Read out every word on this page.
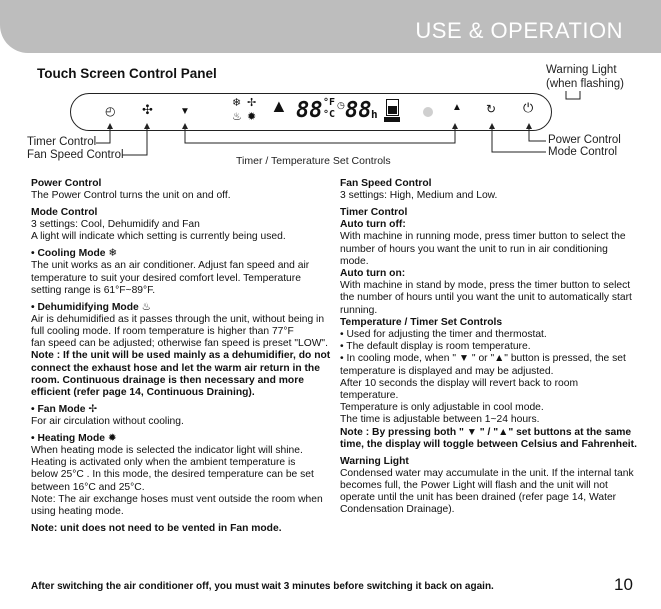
USE & OPERATION
Touch Screen Control Panel	Warning Light
(when flashing)
◴ ✣	▼
❄ ✢
♨ ✹
▲ 88 °F
°C
◷ 88 h
▲ ↻ ⏻
Timer Control
Fan Speed Control	Timer / Temperature Set Controls
Power Control
Mode Control

Power Control
The Power Control turns the unit on and off.

Mode Control
3 settings: Cool, Dehumidify and Fan
A light will indicate which setting is currently being used.

• Cooling Mode ❄
The unit works as an air conditioner. Adjust fan speed and air temperature to suit your desired comfort level. Temperature setting range is 61°F~89°F.

• Dehumidifying Mode ♨
Air is dehumidified as it passes through the unit, without being in full cooling mode. If room temperature is higher than 77°F
fan speed can be adjusted; otherwise fan speed is preset "LOW".
Note : If the unit will be used mainly as a dehumidifier, do not connect the exhaust hose and let the warm air return in the room. Continuous drainage is then necessary and more efficient (refer page 14, Continuous Draining).

• Fan Mode ✢
For air circulation without cooling.

• Heating Mode ✹
When heating mode is selected the indicator light will shine. Heating is activated only when the ambient temperature is
below 25°C . In this mode, the desired temperature can be set between 16°C and 25°C.
Note: The air exchange hoses must vent outside the room when using heating mode.

Note: unit does not need to be vented in Fan mode.

Fan Speed Control
3 settings: High, Medium and Low.

Timer Control
Auto turn off:
With machine in running mode, press timer button to select the number of hours you want the unit to run in air conditioning mode.

Auto turn on:
With machine in stand by mode, press the timer button to select the number of hours until you want the unit to automatically start running.

Temperature / Timer Set Controls
• Used for adjusting the timer and thermostat.
• The default display is room temperature.
• In cooling mode, when " ▼ " or "▲" button is pressed, the set temperature is displayed and may be adjusted.
After 10 seconds the display will revert back to room temperature.
Temperature is only adjustable in cool mode.
The time is adjustable between 1~24 hours.
Note : By pressing both " ▼ " / "▲" set buttons at the same time, the display will toggle between Celsius and Fahrenheit.

Warning Light
Condensed water may accumulate in the unit. If the internal tank becomes full, the Power Light will flash and the unit will not operate until the unit has been drained (refer page 14, Water Condensation Drainage).

After switching the air conditioner off, you must wait 3 minutes before switching it back on again.	10
